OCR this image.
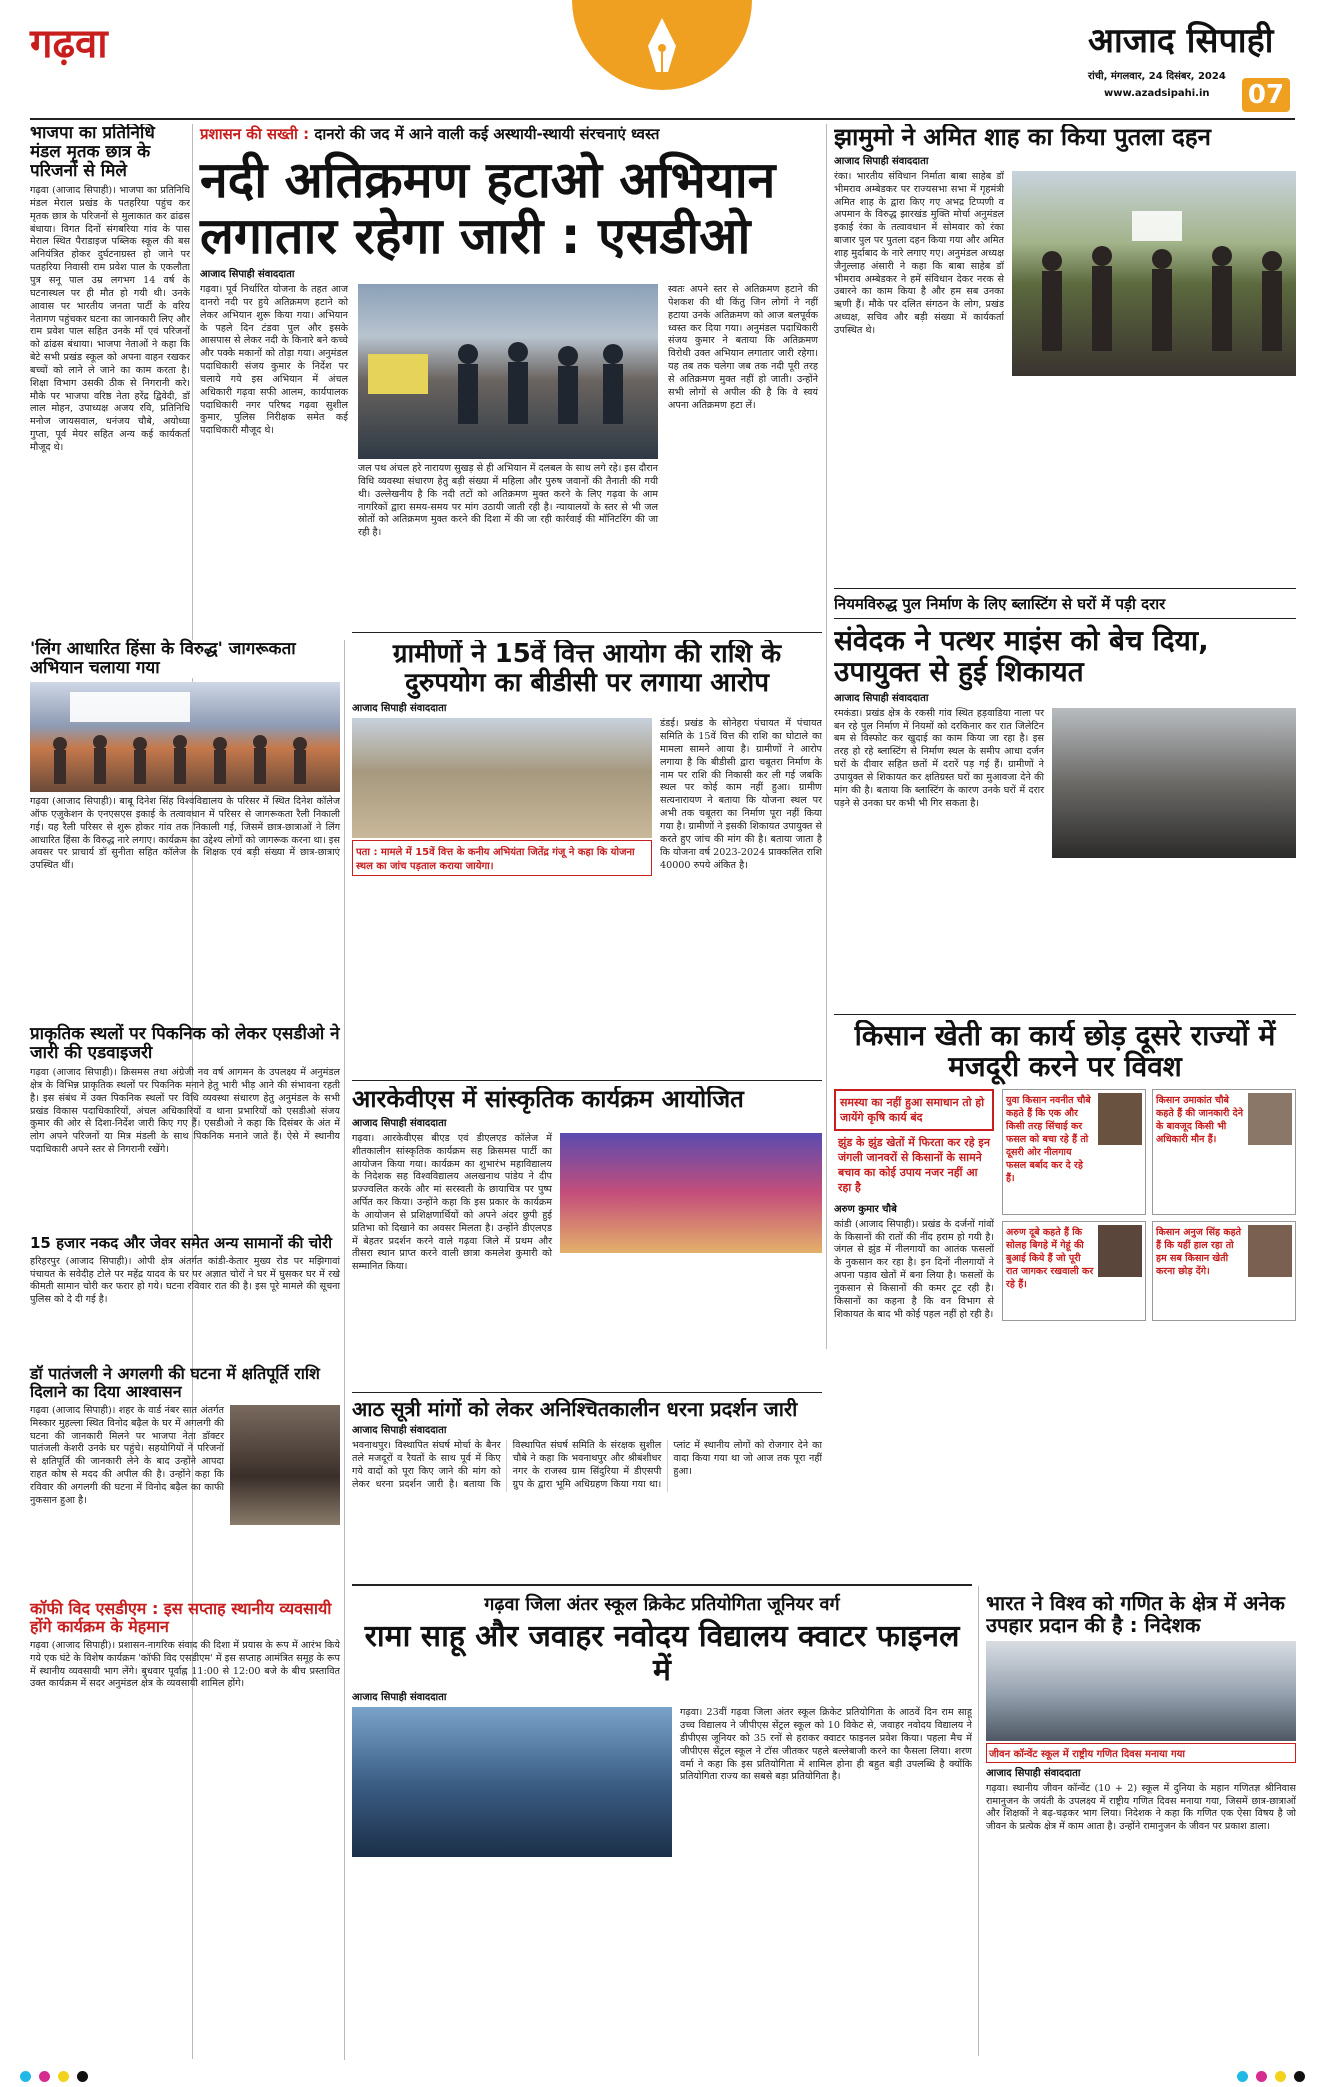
गढ़वा	आजाद सिपाही
रांची, मंगलवार, 24 दिसंबर, 2024
www.azadsipahi.in 07
भाजपा का प्रतिनिधि मंडल मृतक छात्र के परिजनों से मिले

गढ़वा (आजाद सिपाही)। भाजपा का प्रतिनिधि मंडल मेराल प्रखंड के पतहरिया पहुंच कर मृतक छात्र के परिजनों से मुलाकात कर ढांढस बंधाया। विगत दिनों संगबरिया गांव के पास मेराल स्थित पैराडाइज पब्लिक स्कूल की बस अनियंत्रित होकर दुर्घटनाग्रस्त हो जाने पर पतहरिया निवासी राम प्रवेश पाल के एकलौता पुत्र सनू पाल उम्र लगभग 14 वर्ष के घटनास्थल पर ही मौत हो गयी थी। उनके आवास पर भारतीय जनता पार्टी के वरिय नेतागण पहुंचकर घटना का जानकारी लिए और राम प्रवेश पाल सहित उनके माँ एवं परिजनों को ढांढस बंधाया। भाजपा नेताओं ने कहा कि बेटे सभी प्रखंड स्कूल को अपना वाहन रखकर बच्चों को लाने ले जाने का काम करता है। शिक्षा विभाग उसकी ठीक से निगरानी करे। मौके पर भाजपा वरिष्ठ नेता हरेंद्र द्विवेदी, डॉ लाल मोहन, उपाध्यक्ष अजय रवि, प्रतिनिधि मनोज जायसवाल, धनंजय चौबे, अयोध्या गुप्ता, पूर्व मेयर सहित अन्य कई कार्यकर्ता मौजूद थे।

'लिंग आधारित हिंसा के विरुद्ध' जागरूकता अभियान चलाया गया

गढ़वा (आजाद सिपाही)। बाबू दिनेश सिंह विश्वविद्यालय के परिसर में स्थित दिनेश कॉलेज ऑफ एजुकेशन के एनएसएस इकाई के तत्वावधान में परिसर से जागरूकता रैली निकाली गई। यह रैली परिसर से शुरू होकर गांव तक निकाली गई, जिसमें छात्र-छात्राओं ने लिंग आधारित हिंसा के विरुद्ध नारे लगाए। कार्यक्रम का उद्देश्य लोगों को जागरूक करना था। इस अवसर पर प्राचार्य डॉ सुनीता सहित कॉलेज के शिक्षक एवं बड़ी संख्या में छात्र-छात्राएं उपस्थित थीं।

प्राकृतिक स्थलों पर पिकनिक को लेकर एसडीओ ने जारी की एडवाइजरी

गढ़वा (आजाद सिपाही)। क्रिसमस तथा अंग्रेजी नव वर्ष आगमन के उपलक्ष्य में अनुमंडल क्षेत्र के विभिन्न प्राकृतिक स्थलों पर पिकनिक मनाने हेतु भारी भीड़ आने की संभावना रहती है। इस संबंध में उक्त पिकनिक स्थलों पर विधि व्यवस्था संधारण हेतु अनुमंडल के सभी प्रखंड विकास पदाधिकारियों, अंचल अधिकारियों व थाना प्रभारियों को एसडीओ संजय कुमार की ओर से दिशा-निर्देश जारी किए गए हैं। एसडीओ ने कहा कि दिसंबर के अंत में लोग अपने परिजनों या मित्र मंडली के साथ पिकनिक मनाने जाते हैं। ऐसे में स्थानीय पदाधिकारी अपने स्तर से निगरानी रखेंगे।

15 हजार नकद और जेवर समेत अन्य सामानों की चोरी

हरिहरपुर (आजाद सिपाही)। ओपी क्षेत्र अंतर्गत कांडी-केतार मुख्य रोड पर मझिगावां पंचायत के सवेदीह टोले पर महेंद्र यादव के घर पर अज्ञात चोरों ने घर में घुसकर घर में रखे कीमती सामान चोरी कर फरार हो गये। घटना रविवार रात की है। इस पूरे मामले की सूचना पुलिस को दे दी गई है।

डॉ पातंजली ने अगलगी की घटना में क्षतिपूर्ति राशि दिलाने का दिया आश्वासन

गढ़वा (आजाद सिपाही)। शहर के वार्ड नंबर सात अंतर्गत मिस्कार मुहल्ला स्थित विनोद बढ़ैल के घर में अगलगी की घटना की जानकारी मिलने पर भाजपा नेता डॉक्टर पातंजली केशरी उनके घर पहुंचे। सहयोगियों ने परिजनों से क्षतिपूर्ति की जानकारी लेने के बाद उन्होंने आपदा राहत कोष से मदद की अपील की है। उन्होंने कहा कि रविवार की अगलगी की घटना में विनोद बढ़ैल का काफी नुकसान हुआ है।

कॉफी विद एसडीएम : इस सप्ताह स्थानीय व्यवसायी होंगे कार्यक्रम के मेहमान

गढ़वा (आजाद सिपाही)। प्रशासन-नागरिक संवाद की दिशा में प्रयास के रूप में आरंभ किये गये एक घंटे के विशेष कार्यक्रम 'कॉफी विद एसडीएम' में इस सप्ताह आमंत्रित समूह के रूप में स्थानीय व्यवसायी भाग लेंगे। बुधवार पूर्वाह्न 11:00 से 12:00 बजे के बीच प्रस्तावित उक्त कार्यक्रम में सदर अनुमंडल क्षेत्र के व्यवसायी शामिल होंगे।

प्रशासन की सख्ती : दानरो की जद में आने वाली कई अस्थायी-स्थायी संरचनाएं ध्वस्त
नदी अतिक्रमण हटाओ अभियान
लगातार रहेगा जारी : एसडीओ
आजाद सिपाही संवाददाता

गढ़वा। पूर्व निर्धारित योजना के तहत आज दानरो नदी पर हुये अतिक्रमण हटाने को लेकर अभियान शुरू किया गया। अभियान के पहले दिन टंडवा पुल और इसके आसपास से लेकर नदी के किनारे बने कच्चे और पक्के मकानों को तोड़ा गया। अनुमंडल पदाधिकारी संजय कुमार के निर्देश पर चलाये गये इस अभियान में अंचल अधिकारी गढ़वा सफी आलम, कार्यपालक पदाधिकारी नगर परिषद गढ़वा सुशील कुमार, पुलिस निरीक्षक समेत कई पदाधिकारी मौजूद थे।

जल पथ अंचल हरे नारायण सुखड़ से ही अभियान में दलबल के साथ लगे रहे। इस दौरान विधि व्यवस्था संधारण हेतु बड़ी संख्या में महिला और पुरुष जवानों की तैनाती की गयी थी। उल्लेखनीय है कि नदी तटों को अतिक्रमण मुक्त करने के लिए गढ़वा के आम नागरिकों द्वारा समय-समय पर मांग उठायी जाती रही है। न्यायालयों के स्तर से भी जल स्रोतों को अतिक्रमण मुक्त करने की दिशा में की जा रही कार्रवाई की मॉनिटरिंग की जा रही है।

स्वतः अपने स्तर से अतिक्रमण हटाने की पेशकश की थी किंतु जिन लोगों ने नहीं हटाया उनके अतिक्रमण को आज बलपूर्वक ध्वस्त कर दिया गया। अनुमंडल पदाधिकारी संजय कुमार ने बताया कि अतिक्रमण विरोधी उक्त अभियान लगातार जारी रहेगा। यह तब तक चलेगा जब तक नदी पूरी तरह से अतिक्रमण मुक्त नहीं हो जाती। उन्होंने सभी लोगों से अपील की है कि वे स्वयं अपना अतिक्रमण हटा लें।

झामुमो ने अमित शाह का किया पुतला दहन
आजाद सिपाही संवाददाता

रंका। भारतीय संविधान निर्माता बाबा साहेब डॉ भीमराव अम्बेडकर पर राज्यसभा सभा में गृहमंत्री अमित शाह के द्वारा किए गए अभद्र टिप्पणी व अपमान के विरुद्ध झारखंड मुक्ति मोर्चा अनुमंडल इकाई रंका के तत्वावधान में सोमवार को रंका बाजार पुल पर पुतला दहन किया गया और अमित शाह मुर्दाबाद के नारे लगाए गए। अनुमंडल अध्यक्ष जैनुल्लाह अंसारी ने कहा कि बाबा साहेब डॉ भीमराव अम्बेडकर ने हमें संविधान देकर नरक से उबारने का काम किया है और हम सब उनका ऋणी हैं। मौके पर दलित संगठन के लोग, प्रखंड अध्यक्ष, सचिव और बड़ी संख्या में कार्यकर्ता उपस्थित थे।

ग्रामीणों ने 15वें वित्त आयोग की राशि के दुरुपयोग का बीडीसी पर लगाया आरोप
आजाद सिपाही संवाददाता
पता : मामले में 15वें वित्त के कनीय अभियंता जितेंद्र गंजू ने कहा कि योजना स्थल का जांच पड़ताल कराया जायेगा।

डंडई। प्रखंड के सोनेहरा पंचायत में पंचायत समिति के 15वें वित्त की राशि का घोटाले का मामला सामने आया है। ग्रामीणों ने आरोप लगाया है कि बीडीसी द्वारा चबूतरा निर्माण के नाम पर राशि की निकासी कर ली गई जबकि स्थल पर कोई काम नहीं हुआ। ग्रामीण सत्यनारायण ने बताया कि योजना स्थल पर अभी तक चबूतरा का निर्माण पूरा नहीं किया गया है। ग्रामीणों ने इसकी शिकायत उपायुक्त से करते हुए जांच की मांग की है। बताया जाता है कि योजना वर्ष 2023-2024 प्राक्कलित राशि 40000 रुपये अंकित है।

नियमविरुद्ध पुल निर्माण के लिए ब्लास्टिंग से घरों में पड़ी दरार
संवेदक ने पत्थर माइंस को बेच दिया, उपायुक्त से हुई शिकायत
आजाद सिपाही संवाददाता

रमकंडा। प्रखंड क्षेत्र के रकसी गांव स्थित हड़वाडिया नाला पर बन रहे पुल निर्माण में नियमों को दरकिनार कर रात जिलेटिन बम से विस्फोट कर खुदाई का काम किया जा रहा है। इस तरह हो रहे ब्लास्टिंग से निर्माण स्थल के समीप आधा दर्जन घरों के दीवार सहित छतों में दरारें पड़ गई हैं। ग्रामीणों ने उपायुक्त से शिकायत कर क्षतिग्रस्त घरों का मुआवजा देने की मांग की है। बताया कि ब्लास्टिंग के कारण उनके घरों में दरार पड़ने से उनका घर कभी भी गिर सकता है।

आरकेवीएस में सांस्कृतिक कार्यक्रम आयोजित
आजाद सिपाही संवाददाता

गढ़वा। आरकेवीएस बीएड एवं डीएलएड कॉलेज में शीतकालीन सांस्कृतिक कार्यक्रम सह क्रिसमस पार्टी का आयोजन किया गया। कार्यक्रम का शुभारंभ महाविद्यालय के निदेशक सह विश्वविद्यालय अलखनाथ पांडेय ने दीप प्रज्ज्वलित करके और मां सरस्वती के छायाचित्र पर पुष्प अर्पित कर किया। उन्होंने कहा कि इस प्रकार के कार्यक्रम के आयोजन से प्रशिक्षणार्थियों को अपने अंदर छुपी हुई प्रतिभा को दिखाने का अवसर मिलता है। उन्होंने डीएलएड में बेहतर प्रदर्शन करने वाले गढ़वा जिले में प्रथम और तीसरा स्थान प्राप्त करने वाली छात्रा कमलेश कुमारी को सम्मानित किया।

आठ सूत्री मांगों को लेकर अनिश्चितकालीन धरना प्रदर्शन जारी
आजाद सिपाही संवाददाता

भवनाथपुर। विस्थापित संघर्ष मोर्चा के बैनर तले मजदूरों व रैयतों के साथ पूर्व में किए गये वादों को पूरा किए जाने की मांग को लेकर धरना प्रदर्शन जारी है। बताया कि विस्थापित संघर्ष समिति के संरक्षक सुशील चौबे ने कहा कि भवनाथपुर और श्रीबंशीधर नगर के राजस्व ग्राम सिंदुरिया में डीएसपी ग्रुप के द्वारा भूमि अधिग्रहण किया गया था। प्लांट में स्थानीय लोगों को रोजगार देने का वादा किया गया था जो आज तक पूरा नहीं हुआ।

किसान खेती का कार्य छोड़ दूसरे राज्यों में मजदूरी करने पर विवश
समस्या का नहीं हुआ समाधान तो हो जायेंगे कृषि कार्य बंद
झुंड के झुंड खेतों में फिरता कर रहे इन जंगली जानवरों से किसानों के सामने बचाव का कोई उपाय नजर नहीं आ रहा है
अरुण कुमार चौबे

कांडी (आजाद सिपाही)। प्रखंड के दर्जनों गांवों के किसानों की रातों की नींद हराम हो गयी है। जंगल से झुंड में नीलगायों का आतंक फसलों के नुकसान कर रहा है। इन दिनों नीलगायों ने अपना पड़ाव खेतों में बना लिया है। फसलों के नुकसान से किसानों की कमर टूट रही है। किसानों का कहना है कि वन विभाग से शिकायत के बाद भी कोई पहल नहीं हो रही है।

युवा किसान नवनीत चौबे कहते हैं कि एक और किसी तरह सिंचाई कर फसल को बचा रहे हैं तो दूसरी ओर नीलगाय फसल बर्बाद कर दे रहे हैं।
किसान उमाकांत चौबे कहते हैं की जानकारी देने के बावजूद किसी भी अधिकारी मौन हैं।
अरुण दूबे कहते हैं कि सोलह बिगहे में गेहूं की बुआई किये हैं जो पूरी रात जागकर रखवाली कर रहे हैं।
किसान अनुज सिंह कहते हैं कि यहीं हाल रहा तो हम सब किसान खेती करना छोड़ देंगे।
गढ़वा जिला अंतर स्कूल क्रिकेट प्रतियोगिता जूनियर वर्ग
रामा साहू और जवाहर नवोदय विद्यालय क्वाटर फाइनल में
आजाद सिपाही संवाददाता

गढ़वा। 23वीं गढ़वा जिला अंतर स्कूल क्रिकेट प्रतियोगिता के आठवें दिन राम साहू उच्च विद्यालय ने जीपीएस सेंट्रल स्कूल को 10 विकेट से, जवाहर नवोदय विद्यालय ने डीपीएस जूनियर को 35 रनों से हराकर क्वाटर फाइनल प्रवेश किया। पहला मैच में जीपीएस सेंट्रल स्कूल ने टॉस जीतकर पहले बल्लेबाजी करने का फैसला लिया। शरण वर्मा ने कहा कि इस प्रतियोगिता में शामिल होना ही बहुत बड़ी उपलब्धि है क्योंकि प्रतियोगिता राज्य का सबसे बड़ा प्रतियोगिता है।

भारत ने विश्व को गणित के क्षेत्र में अनेक उपहार प्रदान की है : निदेशक
जीवन कॉन्वेंट स्कूल में राष्ट्रीय गणित दिवस मनाया गया
आजाद सिपाही संवाददाता

गढ़वा। स्थानीय जीवन कॉन्वेंट (10 + 2) स्कूल में दुनिया के महान गणितज्ञ श्रीनिवास रामानुजन के जयंती के उपलक्ष्य में राष्ट्रीय गणित दिवस मनाया गया, जिसमें छात्र-छात्राओं और शिक्षकों ने बढ़-चढ़कर भाग लिया। निदेशक ने कहा कि गणित एक ऐसा विषय है जो जीवन के प्रत्येक क्षेत्र में काम आता है। उन्होंने रामानुजन के जीवन पर प्रकाश डाला।
